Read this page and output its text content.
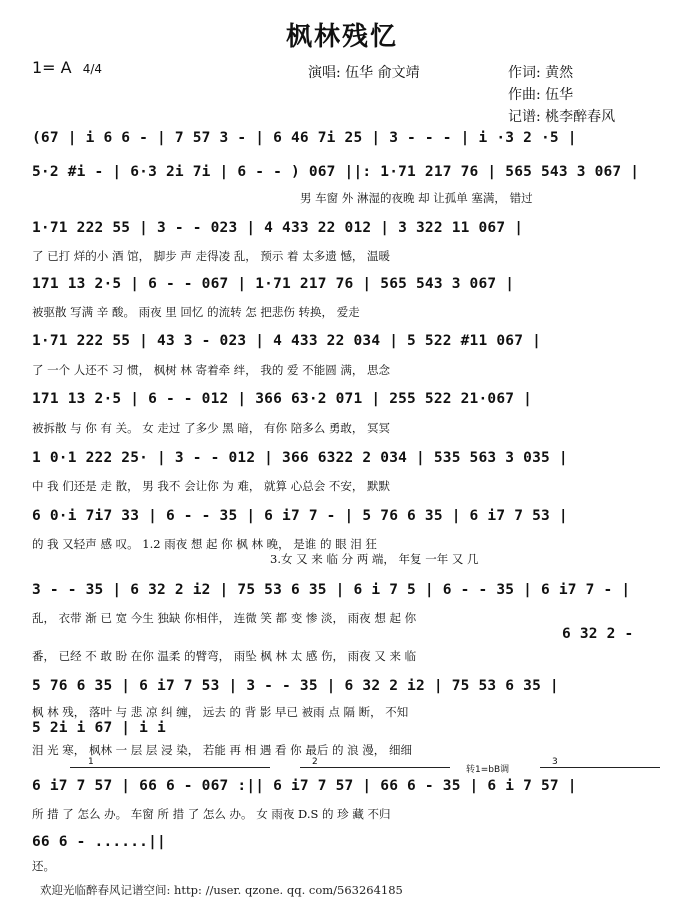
枫林残忆
1= A 4/4	演唱: 伍华 俞文靖	作词: 黄然
作曲: 伍华
记谱: 桃李醉春风
(67 | i 6 6 - | 7 57 3 - | 6 46 7i 25 | 3 - - - | i ·3 2 ·5 |
5·2 #i - | 6·3 2i 7i | 6 - - ) 067 ||: 1·71 217 76 | 565 543 3 067 |
男 车窗 外 淋湿的夜晚 却 让孤单 塞满， 错过
1·71 222 55 | 3 - - 023 | 4 433 22 012 | 3 322 11 067 |
了 已打 烊的小 酒 馆， 脚步 声 走得凌 乱， 预示 着 太多遗 憾， 温暖
171 13 2·5 | 6 - - 067 | 1·71 217 76 | 565 543 3 067 |
被驱散 写满 辛 酸。 雨夜 里 回忆 的流转 怎 把悲伤 转换， 爱走
1·71 222 55 | 43 3 - 023 | 4 433 22 034 | 5 522 #11 067 |
了 一个 人还不 习 惯， 枫树 林 寄着牵 绊， 我的 爱 不能圆 满， 思念
171 13 2·5 | 6 - - 012 | 366 63·2 071 | 255 522 21·067 |
被拆散 与 你 有 关。 女 走过 了多少 黑 暗， 有你 陪多么 勇敢， 冥冥
1 0·1 222 25· | 3 - - 012 | 366 6322 2 034 | 535 563 3 035 |
中 我 们还是 走 散， 男 我不 会让你 为 难， 就算 心总会 不安， 默默
6 0·i 7i7 33 | 6 - - 35 | 6 i7 7 - | 5 76 6 35 | 6 i7 7 53 |
的 我 又轻声 感 叹。 1.2 雨夜 想 起 你 枫 林 晚， 是谁 的 眼 泪 狂
3.女 又 来 临 分 两 端， 年复 一年 又 几
3 - - 35 | 6 32 2 i2 | 75 53 6 35 | 6 i 7 5 | 6 - - 35 | 6 i7 7 - |
乱， 衣带 渐 已 宽 今生 独缺 你相伴， 连微 笑 都 变 惨 淡， 雨夜 想 起 你
6 32 2 -
番， 已经 不 敢 盼 在你 温柔 的臂弯， 雨坠 枫 林 太 感 伤， 雨夜 又 来 临
5 76 6 35 | 6 i7 7 53 | 3 - - 35 | 6 32 2 i2 | 75 53 6 35 |
枫 林 残， 落叶 与 悲 凉 纠 缠， 远去 的 背 影 早已 被雨 点 隔 断， 不知
5 2i i 67 | i i
泪 光 寒， 枫林 一 层 层 浸 染， 若能 再 相 遇 看 你 最后 的 浪 漫， 细细
1	2	3
转1=bB调
6 i7 7 57 | 66 6 - 067 :|| 6 i7 7 57 | 66 6 - 35 | 6 i 7 57 |
所 措 了 怎么 办。 车窗 所 措 了 怎么 办。 女 雨夜 D.S 的 珍 藏 不归
66 6 - ......||
还。
欢迎光临醉春风记谱空间: http: //user. qzone. qq. com/563264185
